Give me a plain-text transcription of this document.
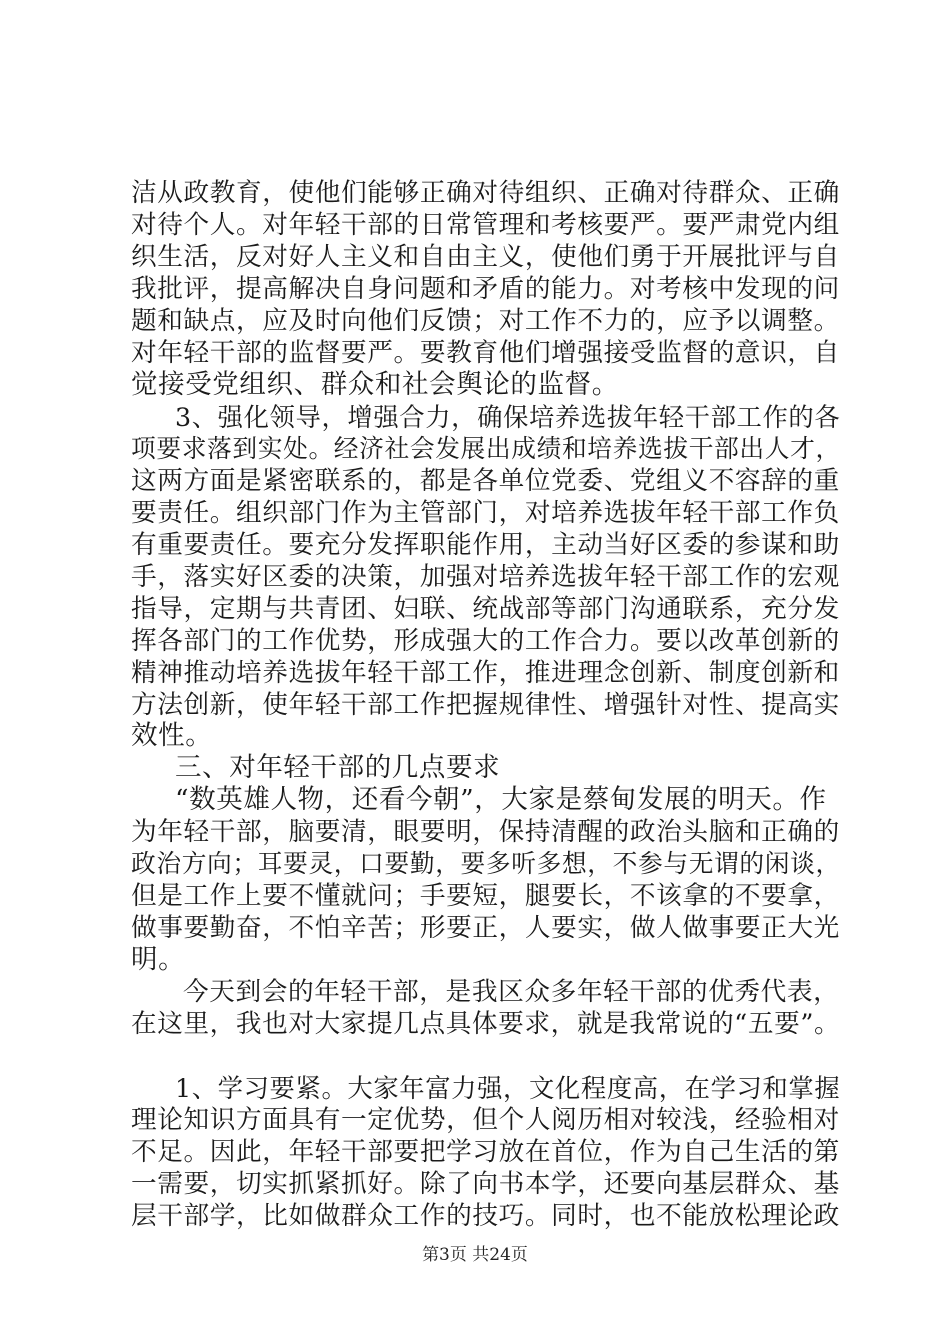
洁从政教育，使他们能够正确对待组织、正确对待群众、正确
对待个人。对年轻干部的日常管理和考核要严。要严肃党内组
织生活，反对好人主义和自由主义，使他们勇于开展批评与自
我批评，提高解决自身问题和矛盾的能力。对考核中发现的问
题和缺点，应及时向他们反馈；对工作不力的，应予以调整。
对年轻干部的监督要严。要教育他们增强接受监督的意识，自
觉接受党组织、群众和社会舆论的监督。
3、强化领导，增强合力，确保培养选拔年轻干部工作的各
项要求落到实处。经济社会发展出成绩和培养选拔干部出人才，
这两方面是紧密联系的，都是各单位党委、党组义不容辞的重
要责任。组织部门作为主管部门，对培养选拔年轻干部工作负
有重要责任。要充分发挥职能作用，主动当好区委的参谋和助
手，落实好区委的决策，加强对培养选拔年轻干部工作的宏观
指导，定期与共青团、妇联、统战部等部门沟通联系，充分发
挥各部门的工作优势，形成强大的工作合力。要以改革创新的
精神推动培养选拔年轻干部工作，推进理念创新、制度创新和
方法创新，使年轻干部工作把握规律性、增强针对性、提高实
效性。
三、对年轻干部的几点要求
“数英雄人物，还看今朝”，大家是蔡甸发展的明天。作
为年轻干部，脑要清，眼要明，保持清醒的政治头脑和正确的
政治方向；耳要灵，口要勤，要多听多想，不参与无谓的闲谈，
但是工作上要不懂就问；手要短，腿要长，不该拿的不要拿，
做事要勤奋，不怕辛苦；形要正，人要实，做人做事要正大光
明。
今天到会的年轻干部，是我区众多年轻干部的优秀代表，
在这里，我也对大家提几点具体要求，就是我常说的“五要”。
1、学习要紧。大家年富力强，文化程度高，在学习和掌握
理论知识方面具有一定优势，但个人阅历相对较浅，经验相对
不足。因此，年轻干部要把学习放在首位，作为自己生活的第
一需要，切实抓紧抓好。除了向书本学，还要向基层群众、基
层干部学，比如做群众工作的技巧。同时，也不能放松理论政
第3页 共24页
